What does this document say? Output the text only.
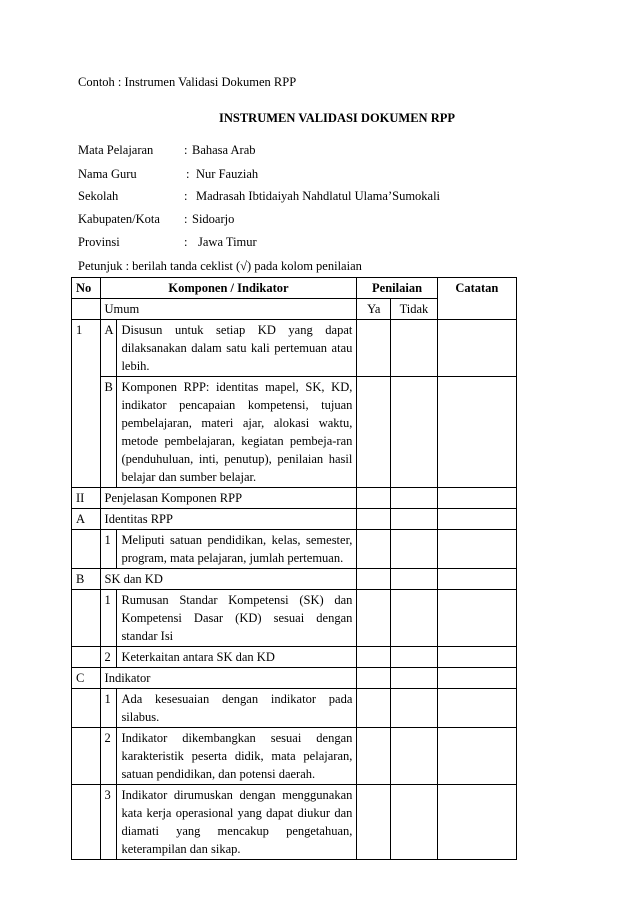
Contoh : Instrumen Validasi Dokumen RPP
INSTRUMEN VALIDASI DOKUMEN RPP
Mata Pelajaran	: Bahasa Arab
Nama Guru	: Nur Fauziah
Sekolah	: Madrasah Ibtidaiyah Nahdlatul Ulama’Sumokali
Kabupaten/Kota	: Sidoarjo
Provinsi	: Jawa Timur
Petunjuk : berilah tanda ceklist (√) pada kolom penilaian
No	Komponen / Indikator		Penilaian		Catatan
	Umum		Ya	Tidak	
1	A	Disusun untuk setiap KD yang dapat dilaksanakan dalam satu kali pertemuan atau lebih.			
	B	Komponen RPP: identitas mapel, SK, KD, indikator pencapaian kompetensi, tujuan pembelajaran, materi ajar, alokasi waktu, metode pembelajaran, kegiatan pembeja-ran (penduhuluan, inti, penutup), penilaian hasil belajar dan sumber belajar.			
II	Penjelasan Komponen RPP				
A	Identitas RPP				
	1	Meliputi satuan pendidikan, kelas, semester, program, mata pelajaran, jumlah pertemuan.			
B	SK dan KD				
	1	Rumusan Standar Kompetensi (SK) dan Kompetensi Dasar (KD) sesuai dengan standar Isi			
	2	Keterkaitan antara SK dan KD			
C	Indikator				
	1	Ada kesesuaian dengan indikator pada silabus.			
	2	Indikator dikembangkan sesuai dengan karakteristik peserta didik, mata pelajaran, satuan pendidikan, dan potensi daerah.			
	3	Indikator dirumuskan dengan menggunakan kata kerja operasional yang dapat diukur dan diamati yang mencakup pengetahuan, keterampilan dan sikap.			
